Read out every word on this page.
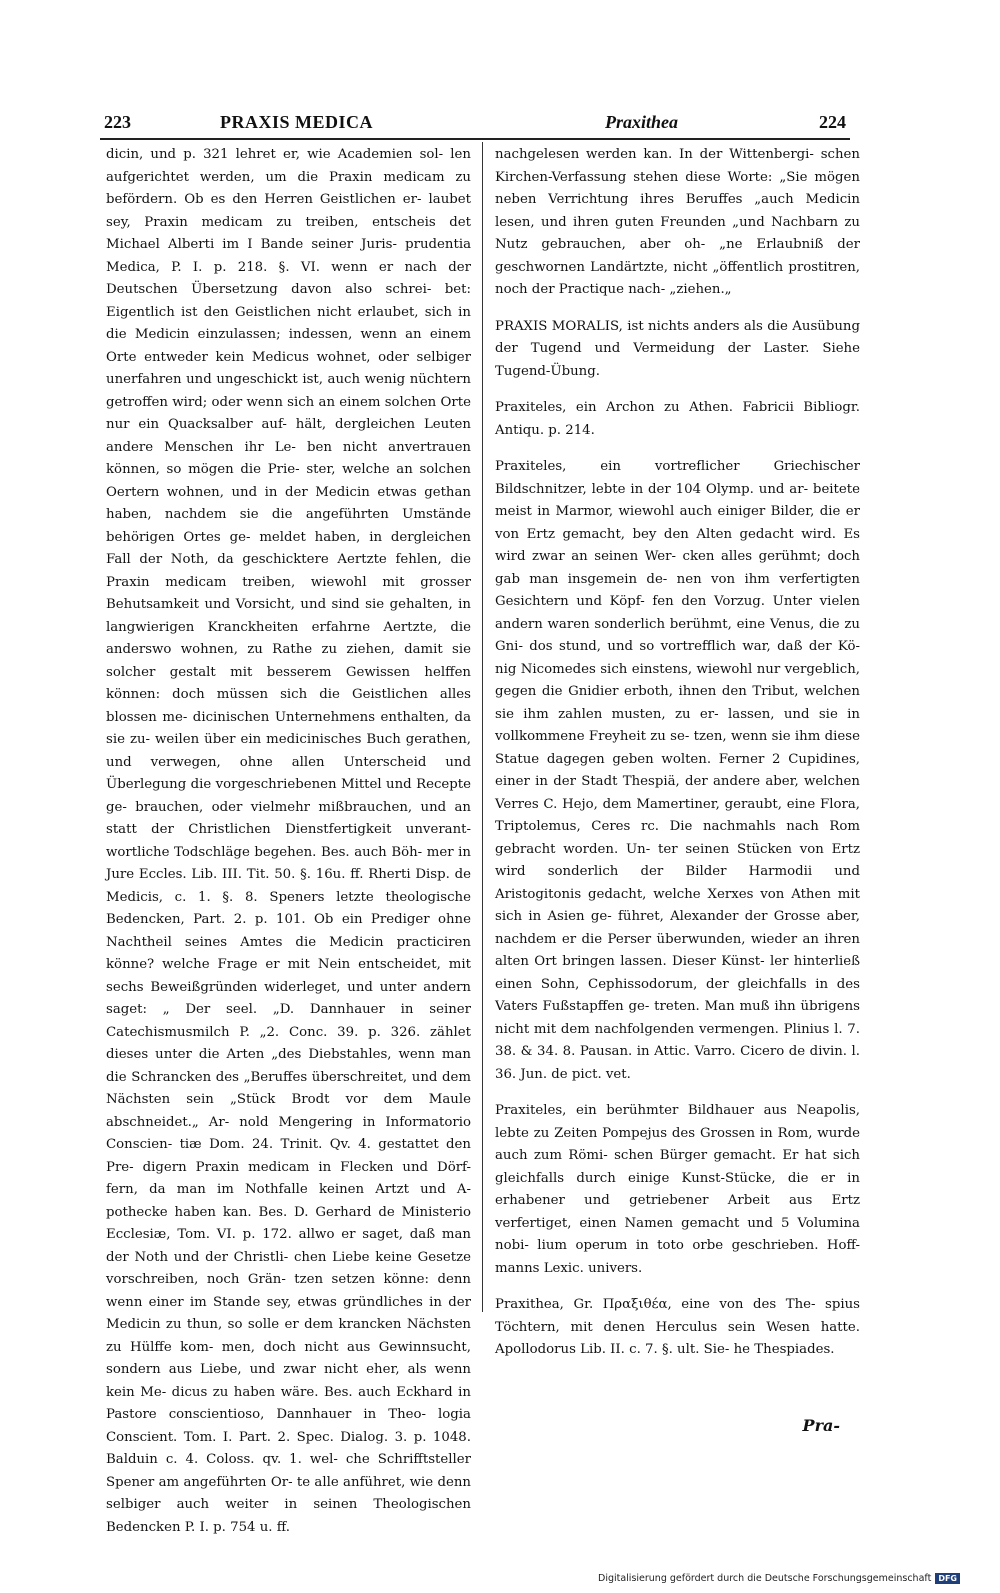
223	PRAXIS MEDICA	Praxithea	224

dicin, und p. 321 lehret er, wie Academien sol- len aufgerichtet werden, um die Praxin medicam zu befördern. Ob es den Herren Geistlichen er- laubet sey, Praxin medicam zu treiben, entscheis det Michael Alberti im I Bande seiner Juris- prudentia Medica, P. I. p. 218. §. VI. wenn er nach der Deutschen Übersetzung davon also schrei- bet: Eigentlich ist den Geistlichen nicht erlaubet, sich in die Medicin einzulassen; indessen, wenn an einem Orte entweder kein Medicus wohnet, oder selbiger unerfahren und ungeschickt ist, auch wenig nüchtern getroffen wird; oder wenn sich an einem solchen Orte nur ein Quacksalber auf- hält, dergleichen Leuten andere Menschen ihr Le- ben nicht anvertrauen können, so mögen die Prie- ster, welche an solchen Oertern wohnen, und in der Medicin etwas gethan haben, nachdem sie die angeführten Umstände behörigen Ortes ge- meldet haben, in dergleichen Fall der Noth, da geschicktere Aertzte fehlen, die Praxin medicam treiben, wiewohl mit grosser Behutsamkeit und Vorsicht, und sind sie gehalten, in langwierigen Kranckheiten erfahrne Aertzte, die anderswo wohnen, zu Rathe zu ziehen, damit sie solcher gestalt mit besserem Gewissen helffen können: doch müssen sich die Geistlichen alles blossen me- dicinischen Unternehmens enthalten, da sie zu- weilen über ein medicinisches Buch gerathen, und verwegen, ohne allen Unterscheid und Überlegung die vorgeschriebenen Mittel und Recepte ge- brauchen, oder vielmehr mißbrauchen, und an statt der Christlichen Dienstfertigkeit unverant- wortliche Todschläge begehen. Bes. auch Böh- mer in Jure Eccles. Lib. III. Tit. 50. §. 16u. ff. Rherti Disp. de Medicis, c. 1. §. 8. Speners letzte theologische Bedencken, Part. 2. p. 101. Ob ein Prediger ohne Nachtheil seines Amtes die Medicin practiciren könne? welche Frage er mit Nein entscheidet, mit sechs Beweißgründen widerleget, und unter andern saget: „ Der seel. „D. Dannhauer in seiner Catechismusmilch P. „2. Conc. 39. p. 326. zählet dieses unter die Arten „des Diebstahles, wenn man die Schrancken des „Beruffes überschreitet, und dem Nächsten sein „Stück Brodt vor dem Maule abschneidet.„ Ar- nold Mengering in Informatorio Conscien- tiæ Dom. 24. Trinit. Qv. 4. gestattet den Pre- digern Praxin medicam in Flecken und Dörf- fern, da man im Nothfalle keinen Artzt und A- potheckе haben kan. Bes. D. Gerhard de Ministerio Ecclesiæ, Tom. VI. p. 172. allwo er saget, daß man der Noth und der Christli- chen Liebe keine Gesetze vorschreiben, noch Grän- tzen setzen könne: denn wenn einer im Stande sey, etwas gründliches in der Medicin zu thun, so solle er dem krancken Nächsten zu Hülffe kom- men, doch nicht aus Gewinnsucht, sondern aus Liebe, und zwar nicht eher, als wenn kein Me- dicus zu haben wäre. Bes. auch Eckhard in Pastore conscientioso, Dannhauer in Theo- logia Conscient. Tom. I. Part. 2. Spec. Dialog. 3. p. 1048. Balduin c. 4. Coloss. qv. 1. wel- che Schrifftsteller Spener am angeführten Or- te alle anführet, wie denn selbiger auch weiter in seinen Theologischen Bedencken P. I. p. 754 u. ff.

nachgelesen werden kan. In der Wittenbergi- schen Kirchen-Verfassung stehen diese Worte: „Sie mögen neben Verrichtung ihres Beruffes „auch Medicin lesen, und ihren guten Freunden „und Nachbarn zu Nutz gebrauchen, aber oh- „ne Erlaubniß der geschwornen Landärtzte, nicht „öffentlich prostitren, noch der Practique nach- „ziehen.„

PRAXIS MORALIS, ist nichts anders als die Ausübung der Tugend und Vermeidung der Laster. Siehe Tugend-Übung.

Praxiteles, ein Archon zu Athen. Fabricii Bibliogr. Antiqu. p. 214.

Praxiteles, ein vortreflicher Griechischer Bildschnitzer, lebte in der 104 Olymp. und ar- beitete meist in Marmor, wiewohl auch einiger Bilder, die er von Ertz gemacht, bey den Alten gedacht wird. Es wird zwar an seinen Wer- cken alles gerühmt; doch gab man insgemein de- nen von ihm verfertigten Gesichtern und Köpf- fen den Vorzug. Unter vielen andern waren sonderlich berühmt, eine Venus, die zu Gni- dos stund, und so vortrefflich war, daß der Kö- nig Nicomedes sich einstens, wiewohl nur vergeblich, gegen die Gnidier erboth, ihnen den Tribut, welchen sie ihm zahlen musten, zu er- lassen, und sie in vollkommene Freyheit zu se- tzen, wenn sie ihm diese Statue dagegen geben wolten. Ferner 2 Cupidines, einer in der Stadt Thespiä, der andere aber, welchen Verres C. Hejo, dem Mamertiner, geraubt, eine Flora, Triptolemus, Ceres rc. Die nachmahls nach Rom gebracht worden. Un- ter seinen Stücken von Ertz wird sonderlich der Bilder Harmodii und Aristogitonis gedacht, welche Xerxes von Athen mit sich in Asien ge- führet, Alexander der Grosse aber, nachdem er die Perser überwunden, wieder an ihren alten Ort bringen lassen. Dieser Künst- ler hinterließ einen Sohn, Cephissodorum, der gleichfalls in des Vaters Fußstapffen ge- treten. Man muß ihn übrigens nicht mit dem nachfolgenden vermengen. Plinius l. 7. 38. & 34. 8. Pausan. in Attic. Varro. Cicero de divin. l. 36. Jun. de pict. vet.

Praxiteles, ein berühmter Bildhauer aus Neapolis, lebte zu Zeiten Pompejus des Grossen in Rom, wurde auch zum Römi- schen Bürger gemacht. Er hat sich gleichfalls durch einige Kunst-Stücke, die er in erhabener und getriebener Arbeit aus Ertz verfertiget, einen Namen gemacht und 5 Volumina nobi- lium operum in toto orbe geschrieben. Hoff- manns Lexic. univers.

Praxithea, Gr. Πραξιθέα, eine von des The- spius Töchtern, mit denen Herculus sein Wesen hatte. Apollodorus Lib. II. c. 7. §. ult. Sie- he Thespiades.

Pra-
Digitalisierung gefördert durch die Deutsche Forschungsgemeinschaft DFG
